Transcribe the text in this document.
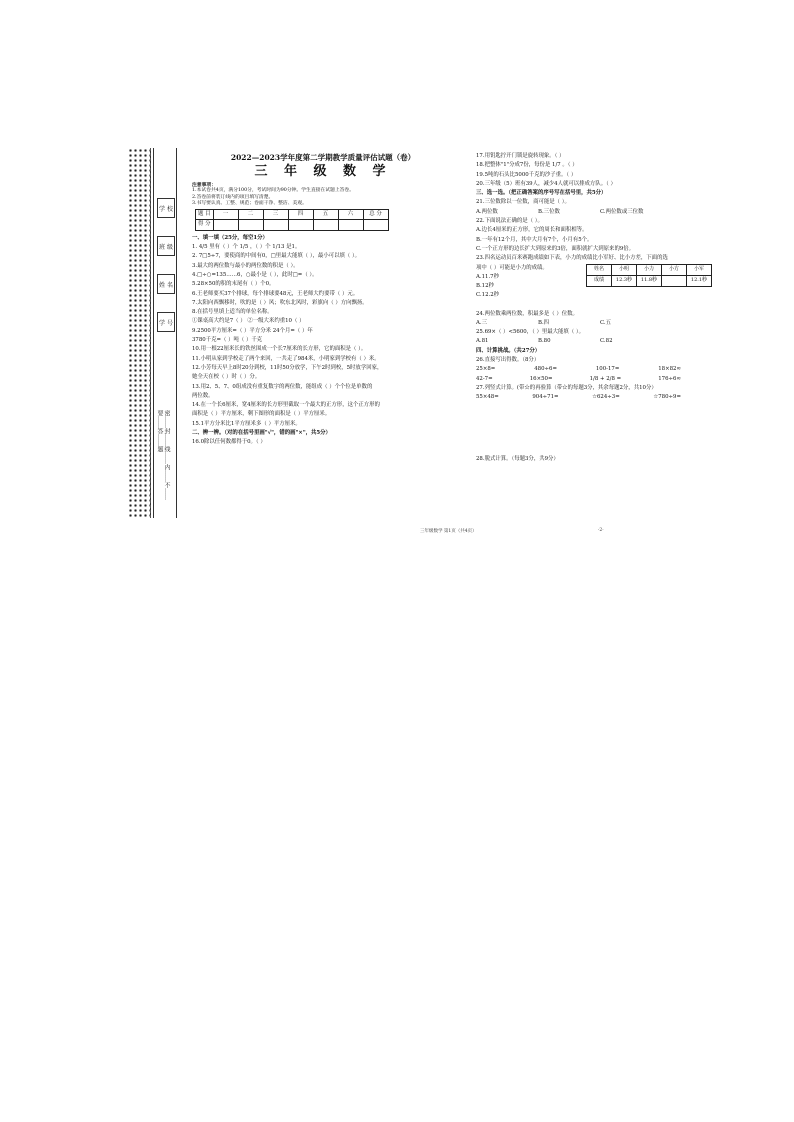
学 校
班 级
姓 名
学 号
密……封……线……内……不……要……答……题
2022—2023学年度第二学期教学质量评估试题（卷）
三 年 级 数 学
注意事项：
1.本试卷共4页，满分100分，考试时间为90分钟。学生直接在试题上答卷。
2.答卷前将装订线内的项目填写清楚。
3.书写要认真、工整、规范；卷面干净、整洁、美观。
题 目	一	二	三	四	五	六	总 分
得 分							
一、填一填（25分，每空1分）
1. 4/5 里有（ ）个 1/5 ，（ ）个 1/13 是1。
2. 7□5÷7，要使商的中间有0，□里最大能填（ ），最小可以填（ ）。
3.最大的两位数与最小的两位数的积是（ ）。
4.□÷○=135……6，○最小是（ ），此时□=（ ）。
5.28×50的积的末尾有（ ）个0。
6.王老师要买37个排球，每个排球要48元，王老师大约要带（ ）元。
7.太阳向西飘移时，吹的是（ ）风；吹东北风时，彩旗向（ ）方向飘扬。
8.在括号里填上适当的单位名称。
①课桌高大约是7（ ） ②一级大米约重10（ ）
9.2500平方厘米=（ ）平方分米 24个月=（ ）年
3780千克=（ ）吨（ ）千克
10.用一根22厘米长的铁丝围成一个长7厘米的长方形，它的面积是（ ）。
11.小明从家到学校走了两个来回，一共走了984米，小明家到学校有（ ）米。
12.小芳每天早上8时20分到校，11时50分放学，下午2时到校，5时放学回家，
她全天在校（ ）时（ ）分。
13.用2、5、7、0组成没有重复数字的两位数，能组成（ ）个个位是单数的
两位数。
14.在一个长6厘米，宽4厘米的长方形里截取一个最大的正方形，这个正方形的
面积是（ ）平方厘米，剩下图形的面积是（ ）平方厘米。
15.1平方分米比1平方厘米多（ ）平方厘米。
二、辨一辨。（对的在括号里画"√"，错的画"×"，共5分）
16.0除以任何数都得于0。（ ）
17.用钥匙拧开门锁是旋转现象。（ ）
18.把整体"1"分成7份，每份是 1/7 。（ ）
19.5吨的石头比5000千克的沙子重。（ ）
20.三年级（5）班有39人，减少4人就可以排成方队。（ ）
三、选一选。（把正确答案的序号写在括号里，共5分）
21.三位数除以一位数，商可能是（ ）。
A.两位数	B.三位数	C.两位数或三位数
22.下面说法正确的是（ ）。
A.边长4厘米的正方形，它的周长和面积相等。
B.一年有12个月，其中大月有7个，小月有5个。
C.一个正方形的边长扩大到原来的3倍，面积就扩大到原来的9倍。
23.四名运动员百米赛跑成绩如下表，小力的成绩比小军好、比小方差，下面的选
项中（ ）可能是小力的成绩。
A.11.7秒
B.12秒
C.12.2秒
姓名	小明	小力	小方	小军
成绩	12.3秒	11.8秒		12.1秒
24.两位数乘两位数，积最多是（ ）位数。
A.三	B.四	C.五
25.69×（ ）<5600，（ ）里最大能填（ ）。
A.81	B.80	C.82
四、计算挑战。（共27分）
26.直接写出得数。（8分）
25×8=	480÷6=	100-17=	18×82≈
42-7=	16×50=	1/8 + 2/8 =	176÷6≈
27.列竖式计算。(带☆的再验算（带☆的每题3分，其余每题2分，共10分）
55×48=	904÷71=	☆624÷3=	☆780÷9=
28.脱式计算。（每题3分，共9分）
三年级数学 第1页（共4页）	·2·
